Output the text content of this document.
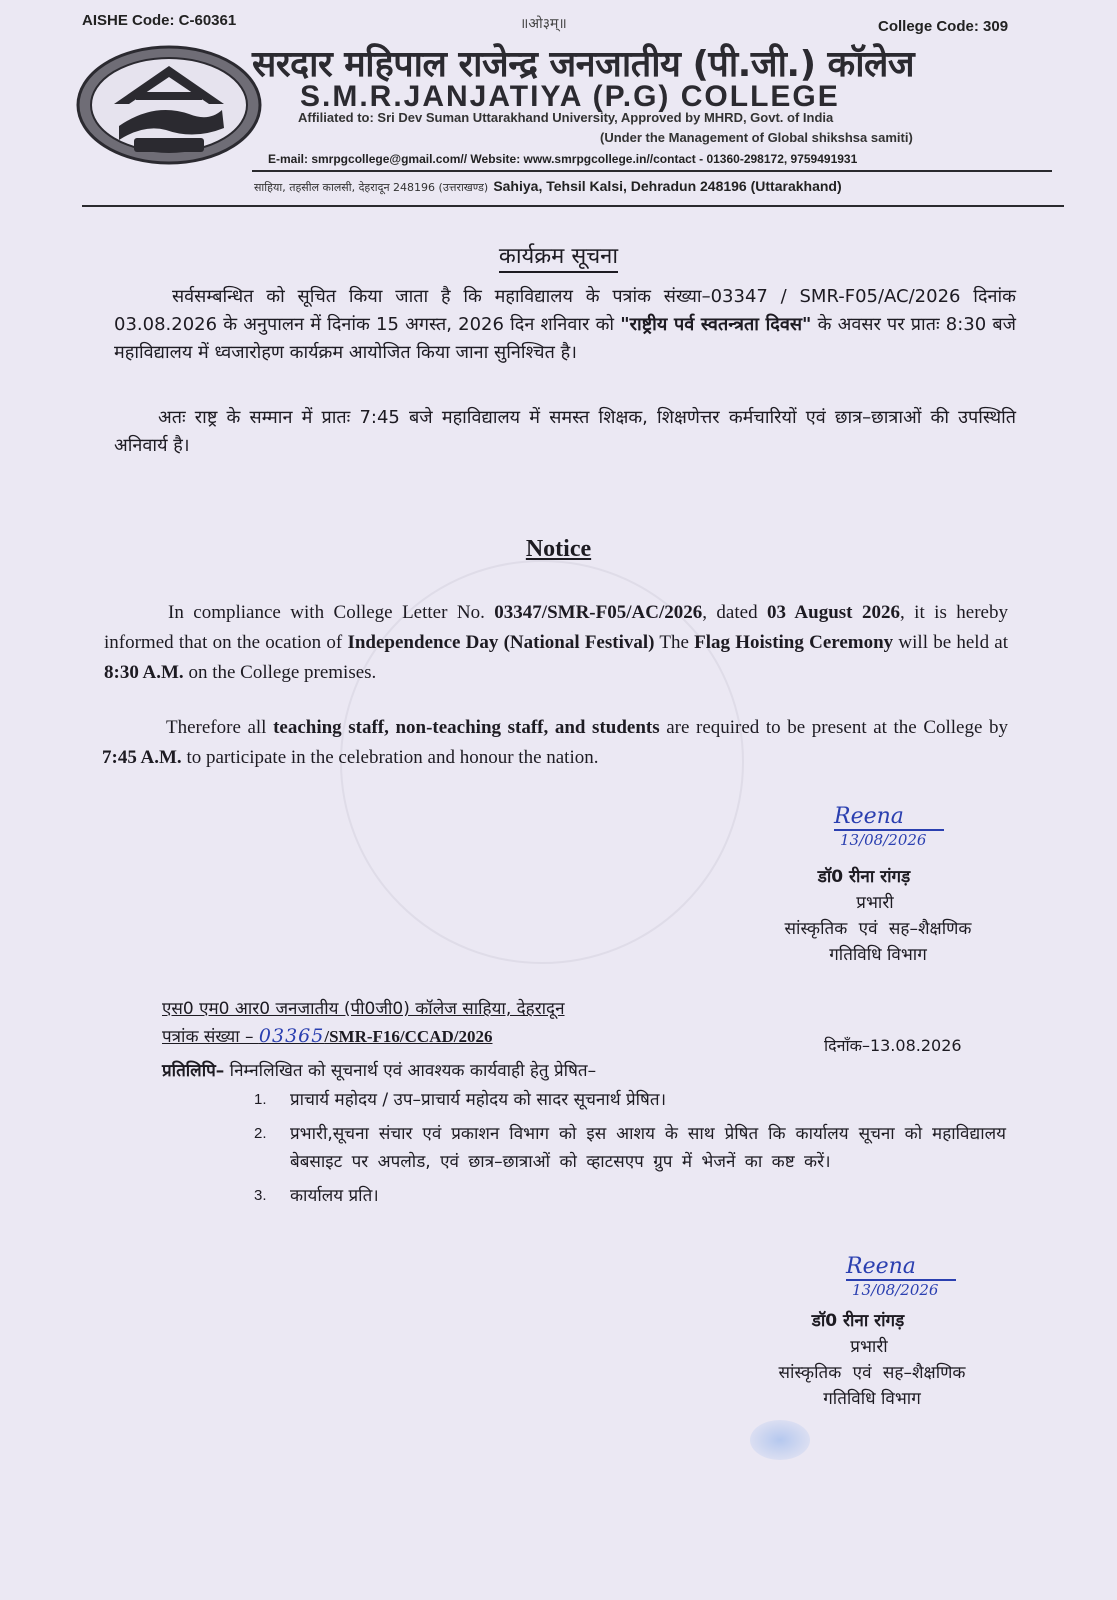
AISHE Code: C-60361	॥ओ३म्॥	College Code: 309
सरदार महिपाल राजेन्द्र जनजातीय (पी.जी.) कॉलेज
S.M.R.JANJATIYA (P.G) COLLEGE
Affiliated to: Sri Dev Suman Uttarakhand University, Approved by MHRD, Govt. of India
(Under the Management of Global shikshsa samiti)
E-mail: smrpgcollege@gmail.com// Website: www.smrpgcollege.in//contact - 01360-298172, 9759491931
साहिया, तहसील कालसी, देहरादून 248196 (उत्तराखण्ड) Sahiya, Tehsil Kalsi, Dehradun 248196 (Uttarakhand)
कार्यक्रम सूचना
सर्वसम्बन्धित को सूचित किया जाता है कि महाविद्यालय के पत्रांक संख्या–03347 / SMR-F05/AC/2026 दिनांक 03.08.2026 के अनुपालन में दिनांक 15 अगस्त, 2026 दिन शनिवार को "राष्ट्रीय पर्व स्वतन्त्रता दिवस" के अवसर पर प्रातः 8:30 बजे महाविद्यालय में ध्वजारोहण कार्यक्रम आयोजित किया जाना सुनिश्चित है।
अतः राष्ट्र के सम्मान में प्रातः 7:45 बजे महाविद्यालय में समस्त शिक्षक, शिक्षणेत्तर कर्मचारियों एवं छात्र–छात्राओं की उपस्थिति अनिवार्य है।
Notice
In compliance with College Letter No. 03347/SMR-F05/AC/2026, dated 03 August 2026, it is hereby informed that on the ocation of Independence Day (National Festival) The Flag Hoisting Ceremony will be held at 8:30 A.M. on the College premises.
Therefore all teaching staff, non-teaching staff, and students are required to be present at the College by 7:45 A.M. to participate in the celebration and honour the nation.
Reena
13/08/2026
डॉ0 रीना रांगड़
प्रभारी
सांस्कृतिक एवं सह–शैक्षणिक
गतिविधि विभाग
एस0 एम0 आर0 जनजातीय (पी0जी0) कॉलेज साहिया, देहरादून
पत्रांक संख्या – 03365/SMR-F16/CCAD/2026	दिनाँक–13.08.2026
प्रतिलिपि– निम्नलिखित को सूचनार्थ एवं आवश्यक कार्यवाही हेतु प्रेषित–
1.	प्राचार्य महोदय / उप–प्राचार्य महोदय को सादर सूचनार्थ प्रेषित।
2.	प्रभारी,सूचना संचार एवं प्रकाशन विभाग को इस आशय के साथ प्रेषित कि कार्यालय सूचना को महाविद्यालय बेबसाइट पर अपलोड, एवं छात्र–छात्राओं को व्हाटसएप ग्रुप में भेजनें का कष्ट करें।
3.	कार्यालय प्रति।
Reena
13/08/2026
डॉ0 रीना रांगड़
प्रभारी
सांस्कृतिक एवं सह–शैक्षणिक
गतिविधि विभाग
